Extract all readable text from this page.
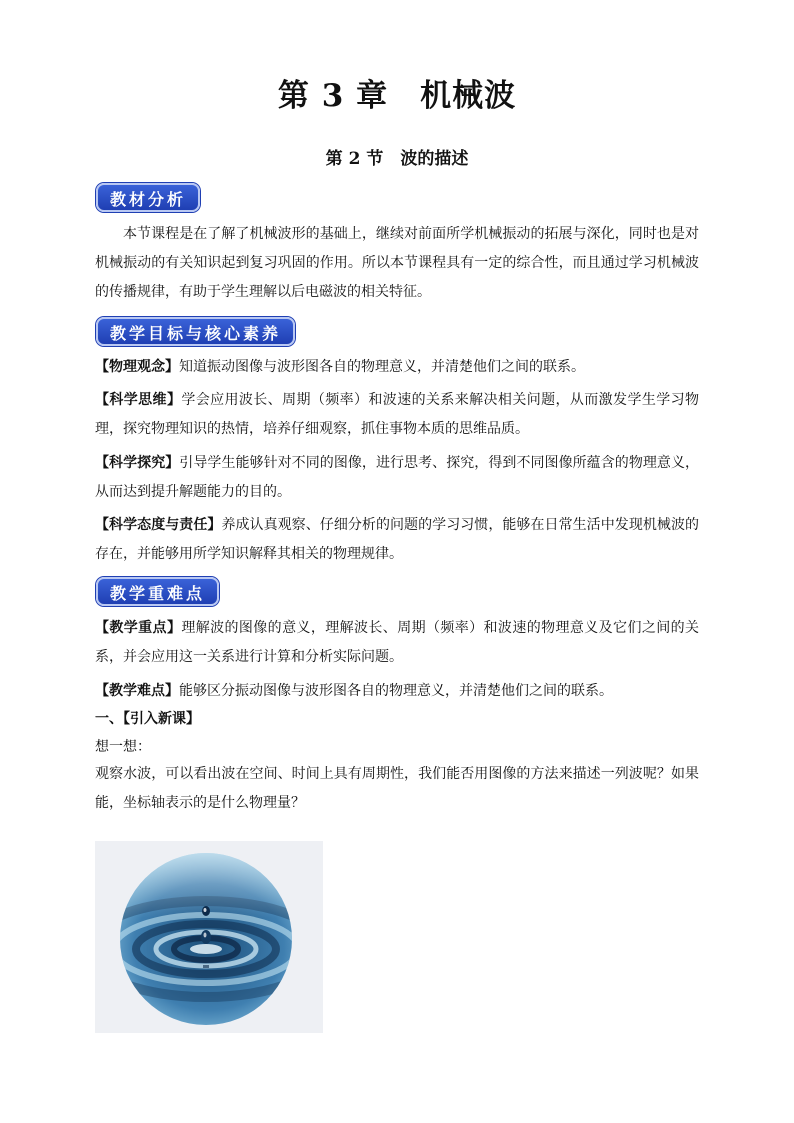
第 3 章　机械波
第 2 节　波的描述
教材分析
本节课程是在了解了机械波形的基础上，继续对前面所学机械振动的拓展与深化，同时也是对机械振动的有关知识起到复习巩固的作用。所以本节课程具有一定的综合性，而且通过学习机械波的传播规律，有助于学生理解以后电磁波的相关特征。
教学目标与核心素养
【物理观念】知道振动图像与波形图各自的物理意义，并清楚他们之间的联系。
【科学思维】学会应用波长、周期（频率）和波速的关系来解决相关问题，从而激发学生学习物理，探究物理知识的热情，培养仔细观察，抓住事物本质的思维品质。
【科学探究】引导学生能够针对不同的图像，进行思考、探究，得到不同图像所蕴含的物理意义，从而达到提升解题能力的目的。
【科学态度与责任】养成认真观察、仔细分析的问题的学习习惯，能够在日常生活中发现机械波的存在，并能够用所学知识解释其相关的物理规律。
教学重难点
【教学重点】理解波的图像的意义，理解波长、周期（频率）和波速的物理意义及它们之间的关系，并会应用这一关系进行计算和分析实际问题。
【教学难点】能够区分振动图像与波形图各自的物理意义，并清楚他们之间的联系。
一、【引入新课】
想一想：
观察水波，可以看出波在空间、时间上具有周期性，我们能否用图像的方法来描述一列波呢？如果能，坐标轴表示的是什么物理量？
